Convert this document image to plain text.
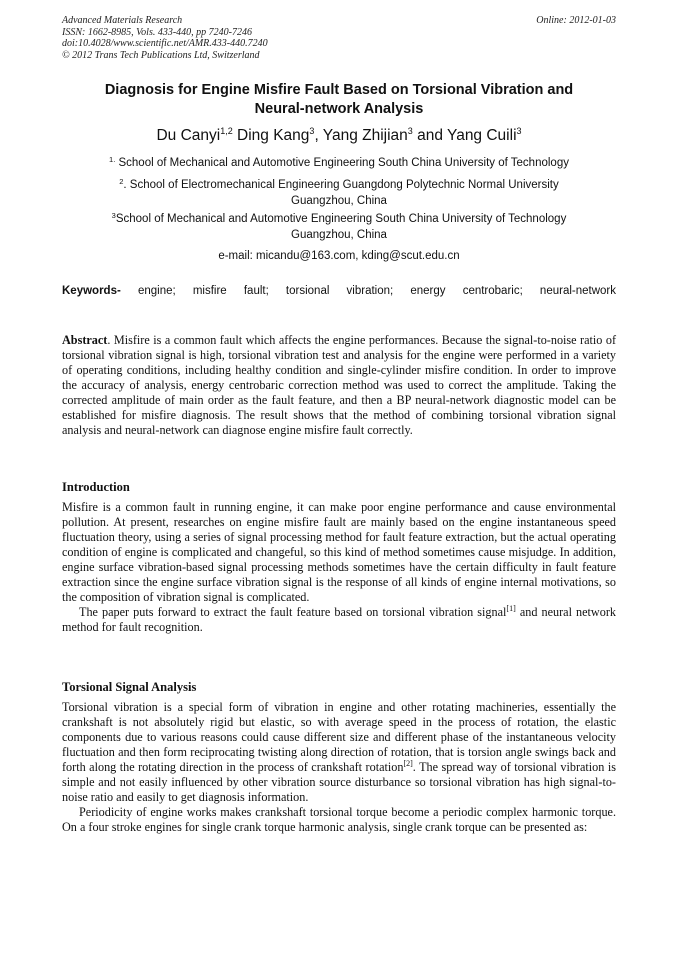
Advanced Materials Research
ISSN: 1662-8985, Vols. 433-440, pp 7240-7246
doi:10.4028/www.scientific.net/AMR.433-440.7240
© 2012 Trans Tech Publications Ltd, Switzerland
Online: 2012-01-03
Diagnosis for Engine Misfire Fault Based on Torsional Vibration and
Neural-network Analysis
Du Canyi$^{1,2}$ Ding Kang$^3$, Yang Zhijian$^3$ and Yang Cuili$^3$
$^{1.}$ School of Mechanical and Automotive Engineering South China University of Technology
$^2$. School of Electromechanical Engineering Guangdong Polytechnic Normal University
Guangzhou, China
$^3$School of Mechanical and Automotive Engineering South China University of Technology
Guangzhou, China
e-mail: micandu@163.com, kding@scut.edu.cn
Keywords- engine; misfire fault; torsional vibration; energy centrobaric; neural-network

Abstract. Misfire is a common fault which affects the engine performances. Because the signal-to-noise ratio of torsional vibration signal is high, torsional vibration test and analysis for the engine were performed in a variety of operating conditions, including healthy condition and single-cylinder misfire condition. In order to improve the accuracy of analysis, energy centrobaric correction method was used to correct the amplitude. Taking the corrected amplitude of main order as the fault feature, and then a BP neural-network diagnostic model can be established for misfire diagnosis. The result shows that the method of combining torsional vibration signal analysis and neural-network can diagnose engine misfire fault correctly.

Introduction

Misfire is a common fault in running engine, it can make poor engine performance and cause environmental pollution. At present, researches on engine misfire fault are mainly based on the engine instantaneous speed fluctuation theory, using a series of signal processing method for fault feature extraction, but the actual operating condition of engine is complicated and changeful, so this kind of method sometimes cause misjudge. In addition, engine surface vibration-based signal processing methods sometimes have the certain difficulty in fault feature extraction since the engine surface vibration signal is the response of all kinds of engine internal motivations, so the composition of vibration signal is complicated.

The paper puts forward to extract the fault feature based on torsional vibration signal[1] and neural network method for fault recognition.

Torsional Signal Analysis

Torsional vibration is a special form of vibration in engine and other rotating machineries, essentially the crankshaft is not absolutely rigid but elastic, so with average speed in the process of rotation, the elastic components due to various reasons could cause different size and different phase of the instantaneous velocity fluctuation and then form reciprocating twisting along direction of rotation, that is torsion angle swings back and forth along the rotating direction in the process of crankshaft rotation[2]. The spread way of torsional vibration is simple and not easily influenced by other vibration source disturbance so torsional vibration has high signal-to-noise ratio and easily to get diagnosis information.

Periodicity of engine works makes crankshaft torsional torque become a periodic complex harmonic torque. On a four stroke engines for single crank torque harmonic analysis, single crank torque can be presented as:
